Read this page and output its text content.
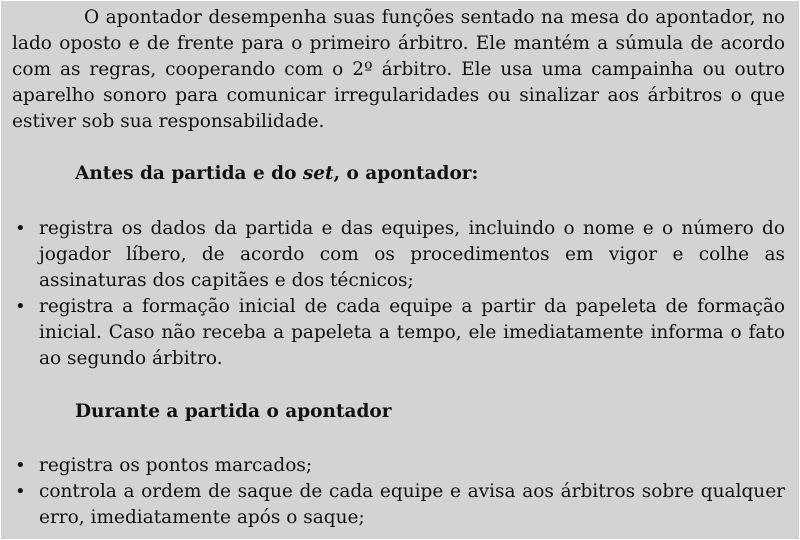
O apontador desempenha suas funções sentado na mesa do apontador, no lado oposto e de frente para o primeiro árbitro. Ele mantém a súmula de acordo com as regras, cooperando com o 2º árbitro. Ele usa uma campainha ou outro aparelho sonoro para comunicar irregularidades ou sinalizar aos árbitros o que estiver sob sua responsabilidade.

Antes da partida e do set, o apontador:

• registra os dados da partida e das equipes, incluindo o nome e o número do jogador líbero, de acordo com os procedimentos em vigor e colhe as assinaturas dos capitães e dos técnicos;
• registra a formação inicial de cada equipe a partir da papeleta de formação inicial. Caso não receba a papeleta a tempo, ele imediatamente informa o fato ao segundo árbitro.

Durante a partida o apontador

• registra os pontos marcados;
• controla a ordem de saque de cada equipe e avisa aos árbitros sobre qualquer erro, imediatamente após o saque;
